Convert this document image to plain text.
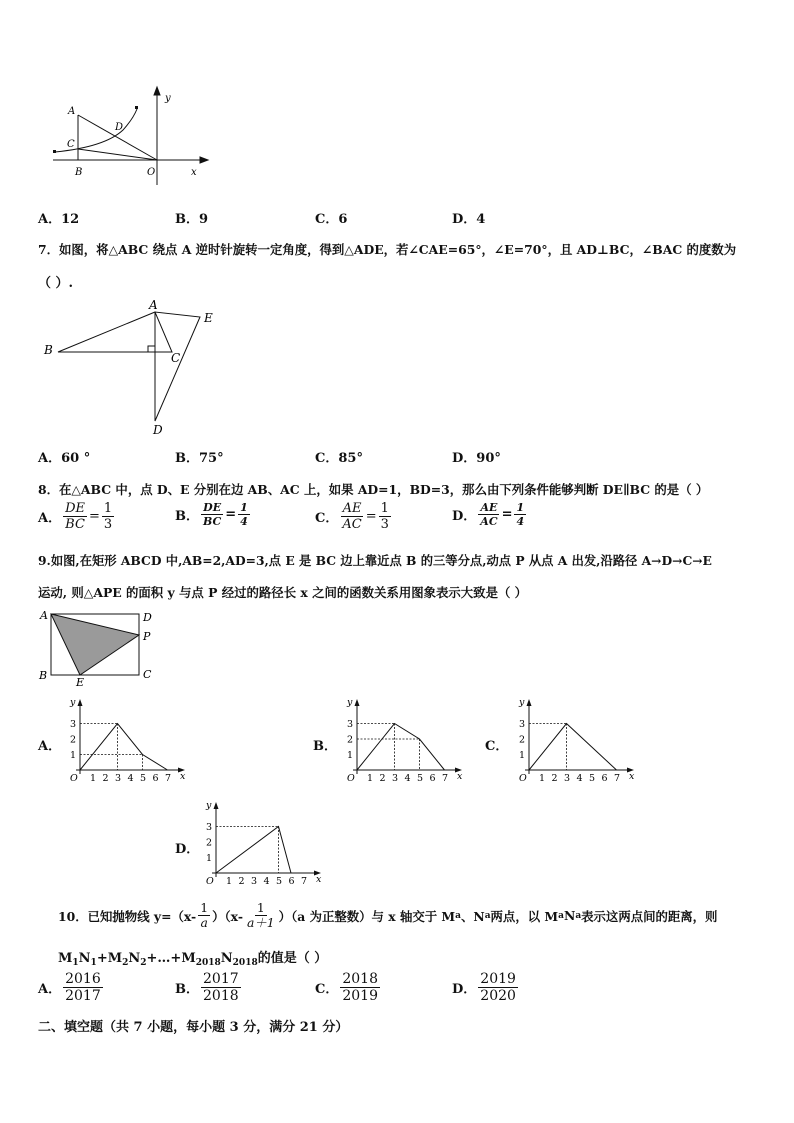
A
D
C
B	O	x
y
A．12	B．9	C．6	D．4
7．如图，将△ABC 绕点 A 逆时针旋转一定角度，得到△ADE，若∠CAE=65°，∠E=70°，且 AD⊥BC，∠BAC 的度数为
（ ）.
A
E
B
C
D
A．60 °	B．75°	C．85°	D．90°
8．在△ABC 中，点 D、E 分别在边 AB、AC 上，如果 AD=1，BD=3，那么由下列条件能够判断 DE∥BC 的是（ ）
A． $\frac{DE}{BC} = \frac{1}{3}$	B． $\frac{DE}{BC} = \frac{1}{4}$	C． $\frac{AE}{AC} = \frac{1}{3}$	D． $\frac{AE}{AC} = \frac{1}{4}$
9.如图,在矩形 ABCD 中,AB=2,AD=3,点 E 是 BC 边上靠近点 B 的三等分点,动点 P 从点 A 出发,沿路径 A→D→C→E
运动, 则△APE 的面积 y 与点 P 经过的路径长 x 之间的函数关系用图象表示大致是（ ）
A	D
P
B	C
E
A．	B．	C．
D．
1 2 3 4 5 6 7
1
2
3
O	x
y
1 2 3 4 5 6 7
1
2
3
O	x
y
1 2 3 4 5 6 7
1
2
3
O	x
y
1 2 3 4 5 6 7
1
2
3
O	x
y
10．已知抛物线 $y=(x- \frac{1}{a} )(x- \frac{1}{a+1} )(a$ 为正整数）与 x 轴交于 M a 、N a 两点，以 M a N a 表示这两点间的距离，则
$M_1N_1+M_2N_2+\dots+M_{2018}N_{2018}$的值是（ ）
A． $\frac{2016}{2017}$	B． $\frac{2017}{2018}$	C． $\frac{2018}{2019}$	D． $\frac{2019}{2020}$
二、填空题（共 7 小题，每小题 3 分，满分 21 分）
